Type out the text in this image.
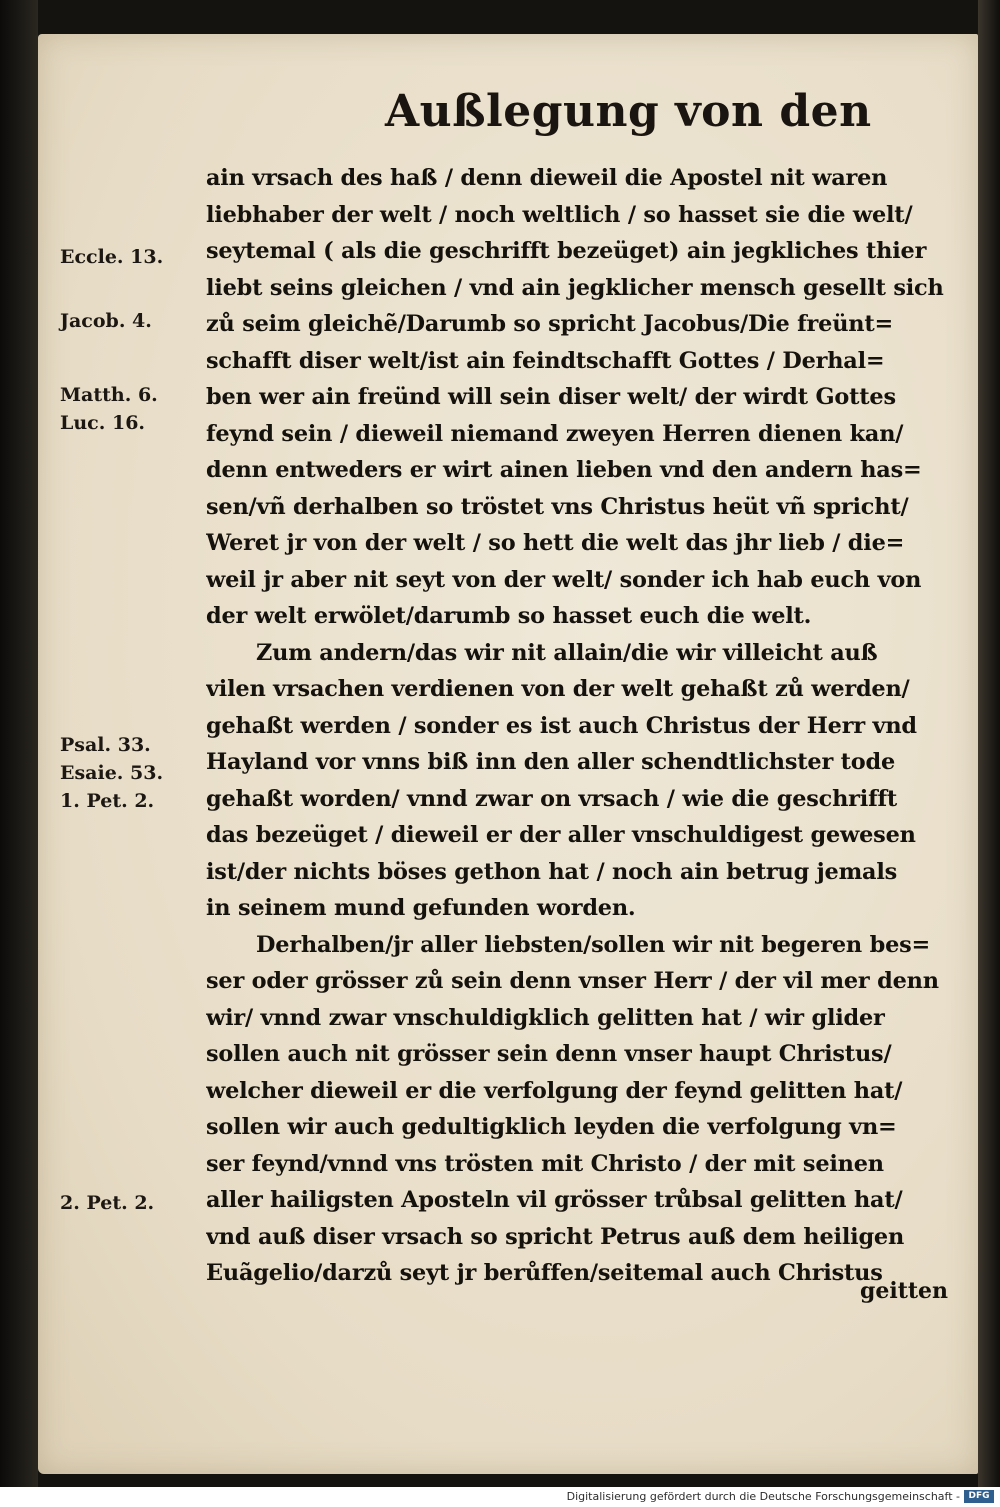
Außlegung von den
Eccle. 13.
Jacob. 4.
Matth. 6.
Luc. 16.
Psal. 33.
Esaie. 53.
1. Pet. 2.
2. Pet. 2.
ain vrsach des haß / denn dieweil die Apostel nit waren
liebhaber der welt / noch weltlich / so hasset sie die welt/
seytemal ( als die geschrifft bezeüget) ain jegkliches thier
liebt seins gleichen / vnd ain jegklicher mensch gesellt sich
zů seim gleichẽ/Darumb so spricht Jacobus/Die freünt=
schafft diser welt/ist ain feindtschafft Gottes / Derhal=
ben wer ain freünd will sein diser welt/ der wirdt Gottes
feynd sein / dieweil niemand zweyen Herren dienen kan/
denn entweders er wirt ainen lieben vnd den andern has=
sen/vñ derhalben so tröstet vns Christus heüt vñ spricht/
Weret jr von der welt / so hett die welt das jhr lieb / die=
weil jr aber nit seyt von der welt/ sonder ich hab euch von
der welt erwölet/darumb so hasset euch die welt.
Zum andern/das wir nit allain/die wir villeicht auß
vilen vrsachen verdienen von der welt gehaßt zů werden/
gehaßt werden / sonder es ist auch Christus der Herr vnd
Hayland vor vnns biß inn den aller schendtlichster tode
gehaßt worden/ vnnd zwar on vrsach / wie die geschrifft
das bezeüget / dieweil er der aller vnschuldigest gewesen
ist/der nichts böses gethon hat / noch ain betrug jemals
in seinem mund gefunden worden.
Derhalben/jr aller liebsten/sollen wir nit begeren bes=
ser oder grösser zů sein denn vnser Herr / der vil mer denn
wir/ vnnd zwar vnschuldigklich gelitten hat / wir glider
sollen auch nit grösser sein denn vnser haupt Christus/
welcher dieweil er die verfolgung der feynd gelitten hat/
sollen wir auch gedultigklich leyden die verfolgung vn=
ser feynd/vnnd vns trösten mit Christo / der mit seinen
aller hailigsten Aposteln vil grösser trůbsal gelitten hat/
vnd auß diser vrsach so spricht Petrus auß dem heiligen
Euãgelio/darzů seyt jr berůffen/seitemal auch Christus
geitten
Digitalisierung gefördert durch die Deutsche Forschungsgemeinschaft - DFG
